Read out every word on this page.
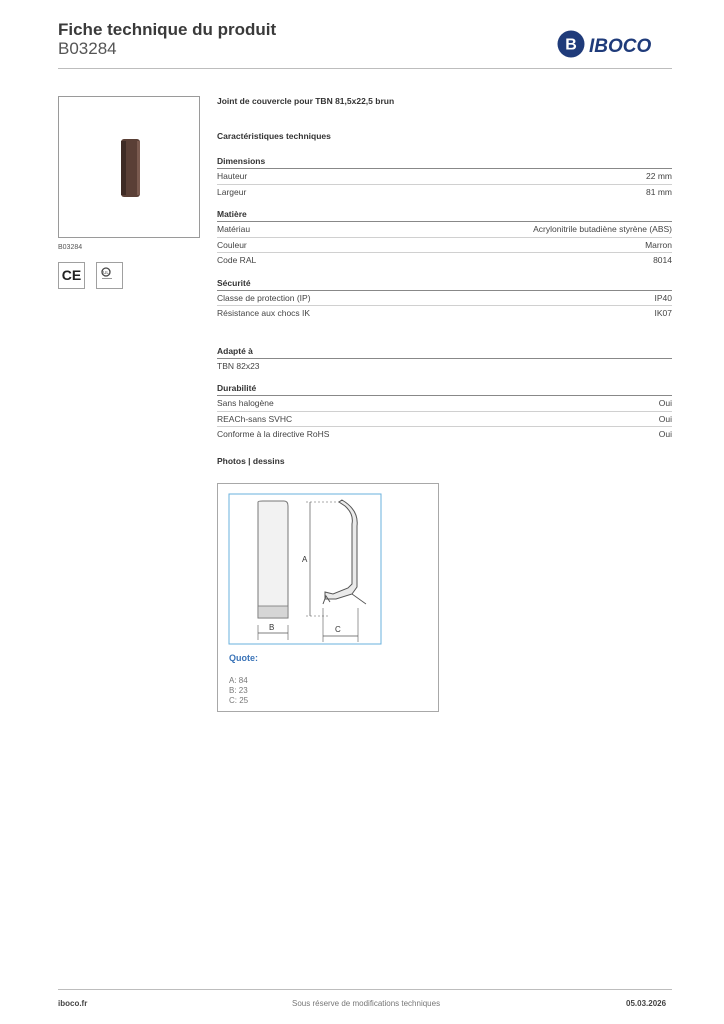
Fiche technique du produit
B03284	B IBOCO
B03284
CE	UL
Joint de couvercle pour TBN 81,5x22,5 brun
Caractéristiques techniques
Dimensions
Hauteur	22 mm
Largeur	81 mm
Matière
Matériau	Acrylonitrile butadiène styrène (ABS)
Couleur	Marron
Code RAL	8014
Sécurité
Classe de protection (IP)	IP40
Résistance aux chocs IK	IK07
Adapté à
TBN 82x23
Durabilité
Sans halogène	Oui
REACh-sans SVHC	Oui
Conforme à la directive RoHS	Oui
Photos | dessins
B
A
C
Quote:
A: 84
B: 23
C: 25
iboco.fr	Sous réserve de modifications techniques	05.03.2026
